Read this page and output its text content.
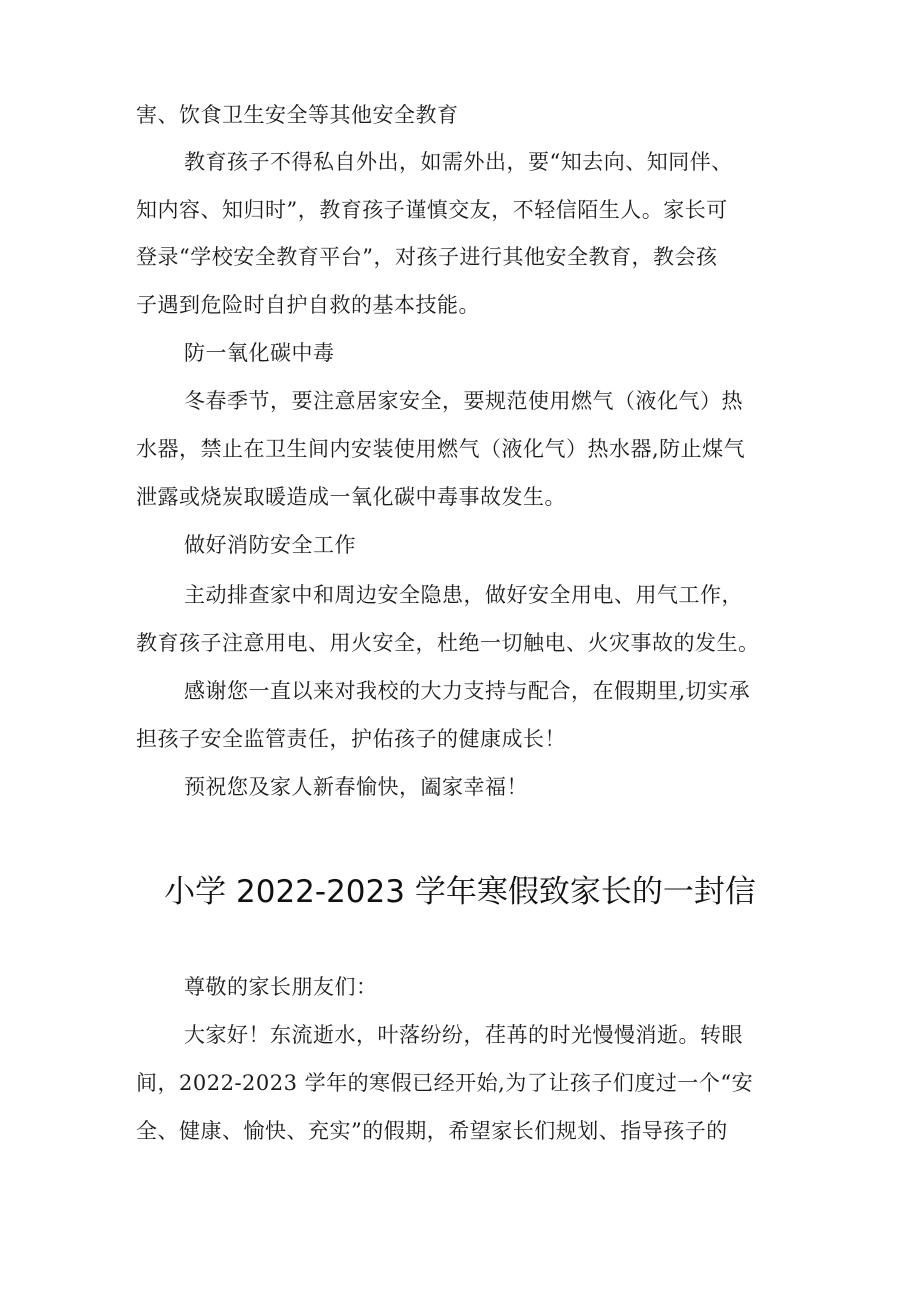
害、饮食卫生安全等其他安全教育
教育孩子不得私自外出，如需外出，要“知去向、知同伴、
知内容、知归时”，教育孩子谨慎交友，不轻信陌生人。家长可
登录“学校安全教育平台”，对孩子进行其他安全教育，教会孩
子遇到危险时自护自救的基本技能。
防一氧化碳中毒
冬春季节，要注意居家安全，要规范使用燃气（液化气）热
水器，禁止在卫生间内安装使用燃气（液化气）热水器,防止煤气
泄露或烧炭取暖造成一氧化碳中毒事故发生。
做好消防安全工作
主动排查家中和周边安全隐患，做好安全用电、用气工作，
教育孩子注意用电、用火安全，杜绝一切触电、火灾事故的发生。
感谢您一直以来对我校的大力支持与配合，在假期里,切实承
担孩子安全监管责任，护佑孩子的健康成长！
预祝您及家人新春愉快，阖家幸福！
小学 2022-2023 学年寒假致家长的一封信
尊敬的家长朋友们：
大家好！东流逝水，叶落纷纷，荏苒的时光慢慢消逝。转眼
间，2022-2023 学年的寒假已经开始,为了让孩子们度过一个“安
全、健康、愉快、充实”的假期，希望家长们规划、指导孩子的
